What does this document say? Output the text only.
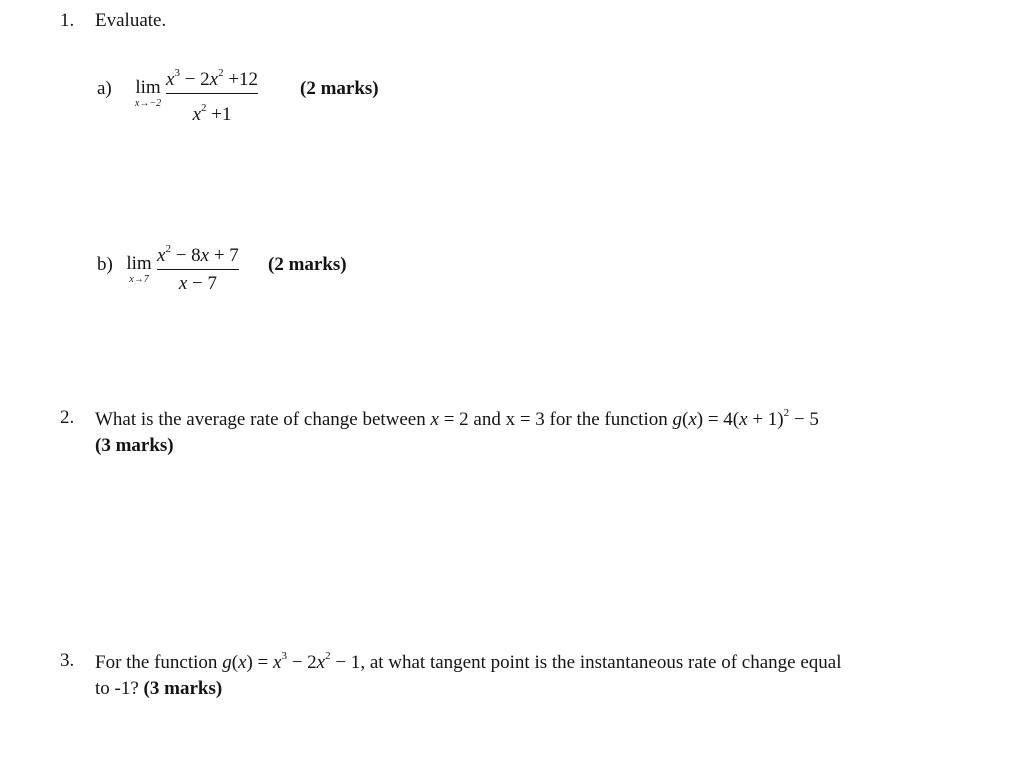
1. Evaluate.
a)	lim
x→−2
$x^3 - 2x^2 +12$
$x^2 +1$
(2 marks)
b) lim
x→7
$x^2 - 8x + 7$
x − 7
(2 marks)
2. What is the average rate of change between x = 2 and x = 3 for the function $g(x) = 4(x + 1)^2 - 5$
(3 marks)
3. For the function $g(x) = x^3 - 2x^2 - 1$, at what tangent point is the instantaneous rate of change equal
to -1? (3 marks)
